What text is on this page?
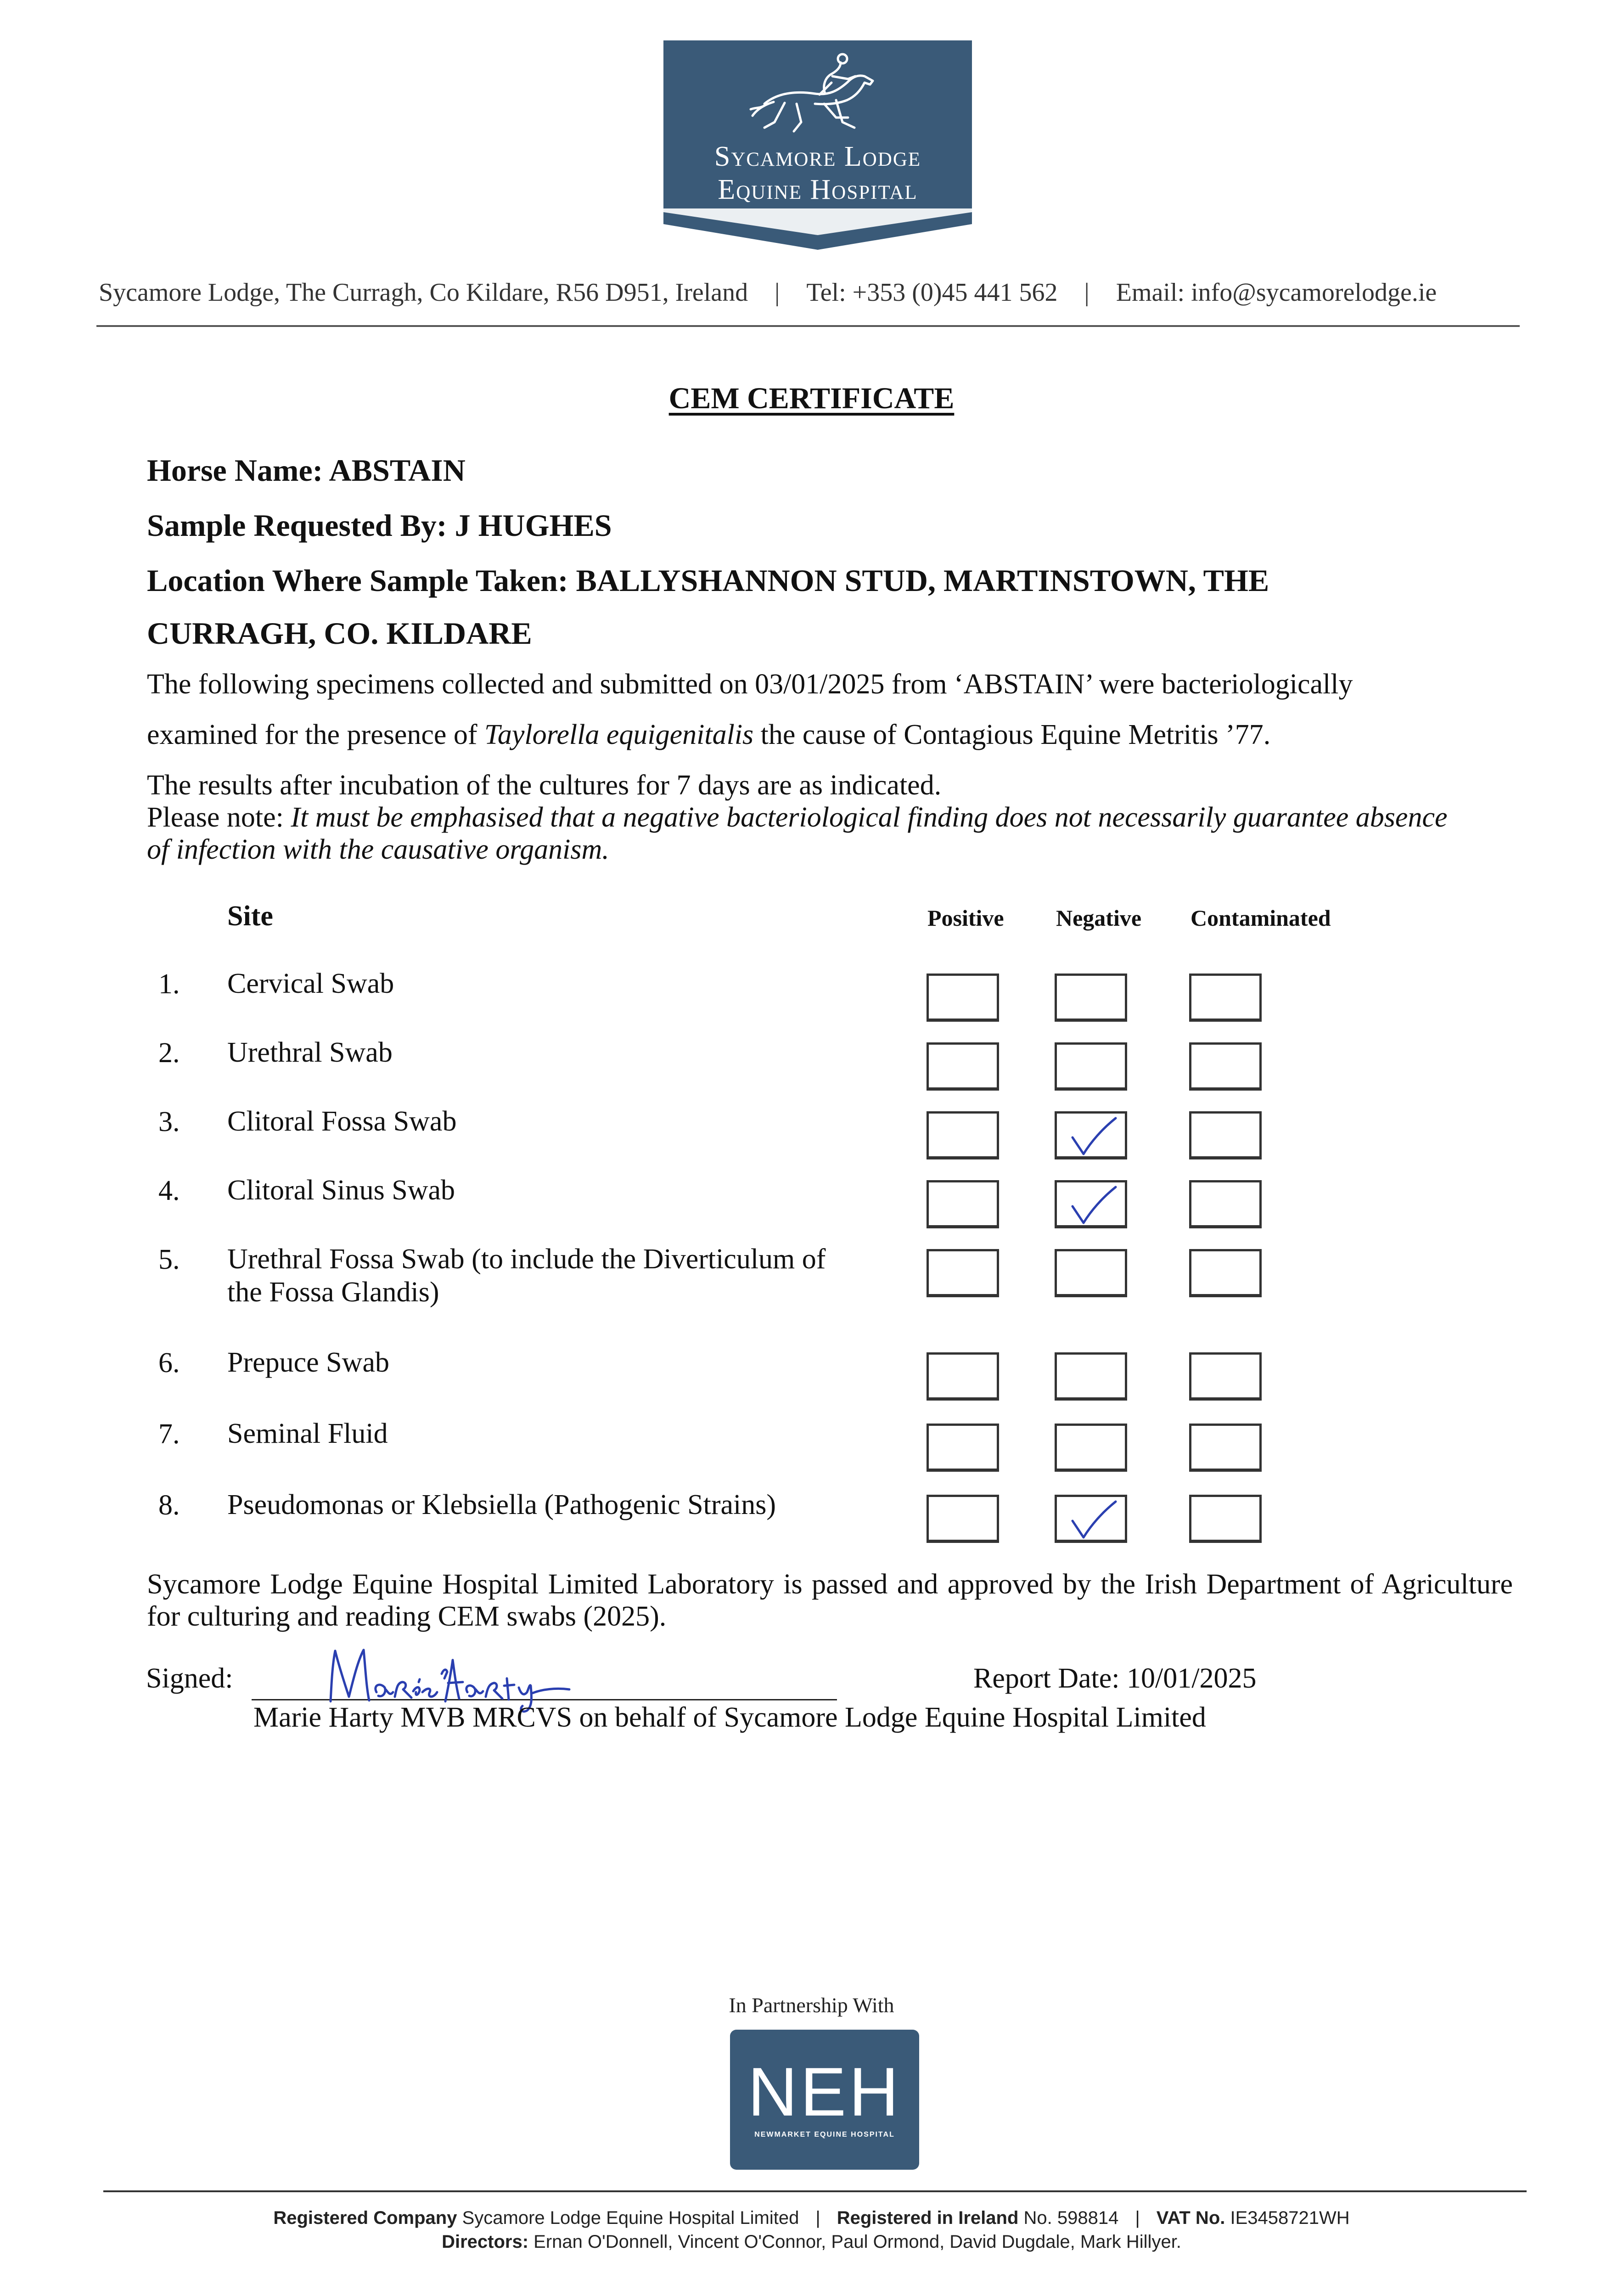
Sycamore Lodge
Equine Hospital
Sycamore Lodge, The Curragh, Co Kildare, R56 D951, Ireland | Tel: +353 (0)45 441 562 | Email: info@sycamorelodge.ie
CEM CERTIFICATE
Horse Name: ABSTAIN
Sample Requested By: J HUGHES
Location Where Sample Taken: BALLYSHANNON STUD, MARTINSTOWN, THE
CURRAGH, CO. KILDARE
The following specimens collected and submitted on 03/01/2025 from ‘ABSTAIN’ were bacteriologically
examined for the presence of Taylorella equigenitalis the cause of Contagious Equine Metritis ’77.
The results after incubation of the cultures for 7 days are as indicated.
Please note: It must be emphasised that a negative bacteriological finding does not necessarily guarantee absence
of infection with the causative organism.
Site	Positive Negative Contaminated
1. Cervical Swab
2. Urethral Swab
3. Clitoral Fossa Swab
4. Clitoral Sinus Swab
5. Urethral Fossa Swab (to include the Diverticulum of
the Fossa Glandis)
6. Prepuce Swab
7. Seminal Fluid
8. Pseudomonas or Klebsiella (Pathogenic Strains)
Sycamore Lodge Equine Hospital Limited Laboratory is passed and approved by the Irish Department of Agriculture for culturing and reading CEM swabs (2025).
Signed:	Report Date: 10/01/2025
Marie Harty MVB MRCVS on behalf of Sycamore Lodge Equine Hospital Limited
In Partnership With
NEH
NEWMARKET EQUINE HOSPITAL
Registered Company Sycamore Lodge Equine Hospital Limited | Registered in Ireland No. 598814 | VAT No. IE3458721WH
Directors: Ernan O'Donnell, Vincent O'Connor, Paul Ormond, David Dugdale, Mark Hillyer.
